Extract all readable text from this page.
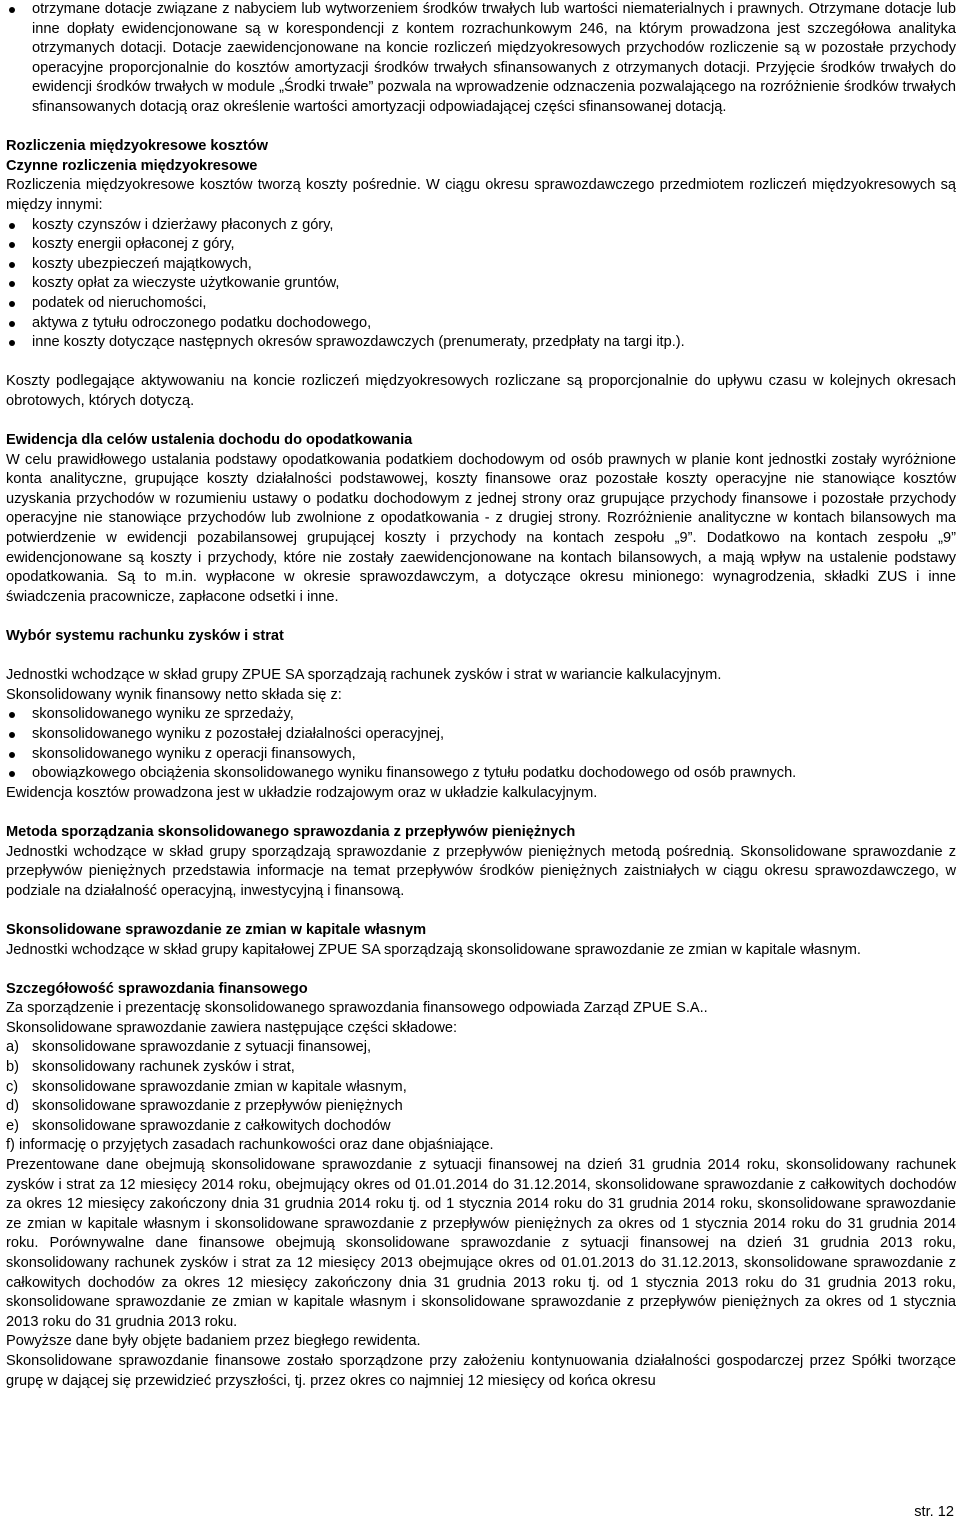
otrzymane dotacje związane z nabyciem lub wytworzeniem środków trwałych lub wartości niematerialnych i prawnych. Otrzymane dotacje lub inne dopłaty ewidencjonowane są w korespondencji z kontem rozrachunkowym 246, na którym prowadzona jest szczegółowa analityka otrzymanych dotacji. Dotacje zaewidencjonowane na koncie rozliczeń międzyokresowych przychodów rozliczenie są w pozostałe przychody operacyjne proporcjonalnie do kosztów amortyzacji środków trwałych sfinansowanych z otrzymanych dotacji. Przyjęcie środków trwałych do ewidencji środków trwałych w module „Środki trwałe” pozwala na wprowadzenie odznaczenia pozwalającego na rozróżnienie środków trwałych sfinansowanych dotacją oraz określenie wartości amortyzacji odpowiadającej części sfinansowanej dotacją.

Rozliczenia międzyokresowe kosztów

Czynne rozliczenia międzyokresowe

Rozliczenia międzyokresowe kosztów tworzą koszty pośrednie. W ciągu okresu sprawozdawczego przedmiotem rozliczeń międzyokresowych są między innymi:

koszty czynszów i dzierżawy płaconych z góry,
koszty energii opłaconej z góry,
koszty ubezpieczeń majątkowych,
koszty opłat za wieczyste użytkowanie gruntów,
podatek od nieruchomości,
aktywa z tytułu odroczonego podatku dochodowego,
inne koszty dotyczące następnych okresów sprawozdawczych (prenumeraty, przedpłaty na targi itp.).

Koszty podlegające aktywowaniu na koncie rozliczeń międzyokresowych rozliczane są proporcjonalnie do upływu czasu w kolejnych okresach obrotowych, których dotyczą.

Ewidencja dla celów ustalenia dochodu do opodatkowania

W celu prawidłowego ustalania podstawy opodatkowania podatkiem dochodowym od osób prawnych w planie kont jednostki zostały wyróżnione konta analityczne, grupujące koszty działalności podstawowej, koszty finansowe oraz pozostałe koszty operacyjne nie stanowiące kosztów uzyskania przychodów w rozumieniu ustawy o podatku dochodowym z jednej strony oraz grupujące przychody finansowe i pozostałe przychody operacyjne nie stanowiące przychodów lub zwolnione z opodatkowania - z drugiej strony. Rozróżnienie analityczne w kontach bilansowych ma potwierdzenie w ewidencji pozabilansowej grupującej koszty i przychody na kontach zespołu „9”. Dodatkowo na kontach zespołu „9” ewidencjonowane są koszty i przychody, które nie zostały zaewidencjonowane na kontach bilansowych, a mają wpływ na ustalenie podstawy opodatkowania. Są to m.in. wypłacone w okresie sprawozdawczym, a dotyczące okresu minionego: wynagrodzenia, składki ZUS i inne świadczenia pracownicze, zapłacone odsetki i inne.

Wybór systemu rachunku zysków i strat

Jednostki wchodzące w skład grupy ZPUE SA sporządzają rachunek zysków i strat w wariancie kalkulacyjnym.

Skonsolidowany wynik finansowy netto składa się z:

skonsolidowanego wyniku ze sprzedaży,
skonsolidowanego wyniku z pozostałej działalności operacyjnej,
skonsolidowanego wyniku z operacji finansowych,
obowiązkowego obciążenia skonsolidowanego wyniku finansowego z tytułu podatku dochodowego od osób prawnych.

Ewidencja kosztów prowadzona jest w układzie rodzajowym oraz w układzie kalkulacyjnym.

Metoda sporządzania skonsolidowanego sprawozdania z przepływów pieniężnych

Jednostki wchodzące w skład grupy sporządzają sprawozdanie z przepływów pieniężnych metodą pośrednią. Skonsolidowane sprawozdanie z przepływów pieniężnych przedstawia informacje na temat przepływów środków pieniężnych zaistniałych w ciągu okresu sprawozdawczego, w podziale na działalność operacyjną, inwestycyjną i finansową.

Skonsolidowane sprawozdanie ze zmian w kapitale własnym

Jednostki wchodzące w skład grupy kapitałowej ZPUE SA sporządzają skonsolidowane sprawozdanie ze zmian w kapitale własnym.

Szczegółowość sprawozdania finansowego

Za sporządzenie i prezentację skonsolidowanego sprawozdania finansowego odpowiada Zarząd ZPUE S.A..

Skonsolidowane sprawozdanie zawiera następujące części składowe:

a) skonsolidowane sprawozdanie z sytuacji finansowej,
b) skonsolidowany rachunek zysków i strat,
c) skonsolidowane sprawozdanie zmian w kapitale własnym,
d) skonsolidowane sprawozdanie z przepływów pieniężnych
e) skonsolidowane sprawozdanie z całkowitych dochodów

f) informację o przyjętych zasadach rachunkowości oraz dane objaśniające.

Prezentowane dane obejmują skonsolidowane sprawozdanie z sytuacji finansowej na dzień 31 grudnia 2014 roku, skonsolidowany rachunek zysków i strat za 12 miesięcy 2014 roku, obejmujący okres od 01.01.2014 do 31.12.2014, skonsolidowane sprawozdanie z całkowitych dochodów za okres 12 miesięcy zakończony dnia 31 grudnia 2014 roku tj. od 1 stycznia 2014 roku do 31 grudnia 2014 roku, skonsolidowane sprawozdanie ze zmian w kapitale własnym i skonsolidowane sprawozdanie z przepływów pieniężnych za okres od 1 stycznia 2014 roku do 31 grudnia 2014 roku. Porównywalne dane finansowe obejmują skonsolidowane sprawozdanie z sytuacji finansowej na dzień 31 grudnia 2013 roku, skonsolidowany rachunek zysków i strat za 12 miesięcy 2013 obejmujące okres od 01.01.2013 do 31.12.2013, skonsolidowane sprawozdanie z całkowitych dochodów za okres 12 miesięcy zakończony dnia 31 grudnia 2013 roku tj. od 1 stycznia 2013 roku do 31 grudnia 2013 roku, skonsolidowane sprawozdanie ze zmian w kapitale własnym i skonsolidowane sprawozdanie z przepływów pieniężnych za okres od 1 stycznia 2013 roku do 31 grudnia 2013 roku.

Powyższe dane były objęte badaniem przez biegłego rewidenta.

Skonsolidowane sprawozdanie finansowe zostało sporządzone przy założeniu kontynuowania działalności gospodarczej przez Spółki tworzące grupę w dającej się przewidzieć przyszłości, tj. przez okres co najmniej 12 miesięcy od końca okresu

str. 12
